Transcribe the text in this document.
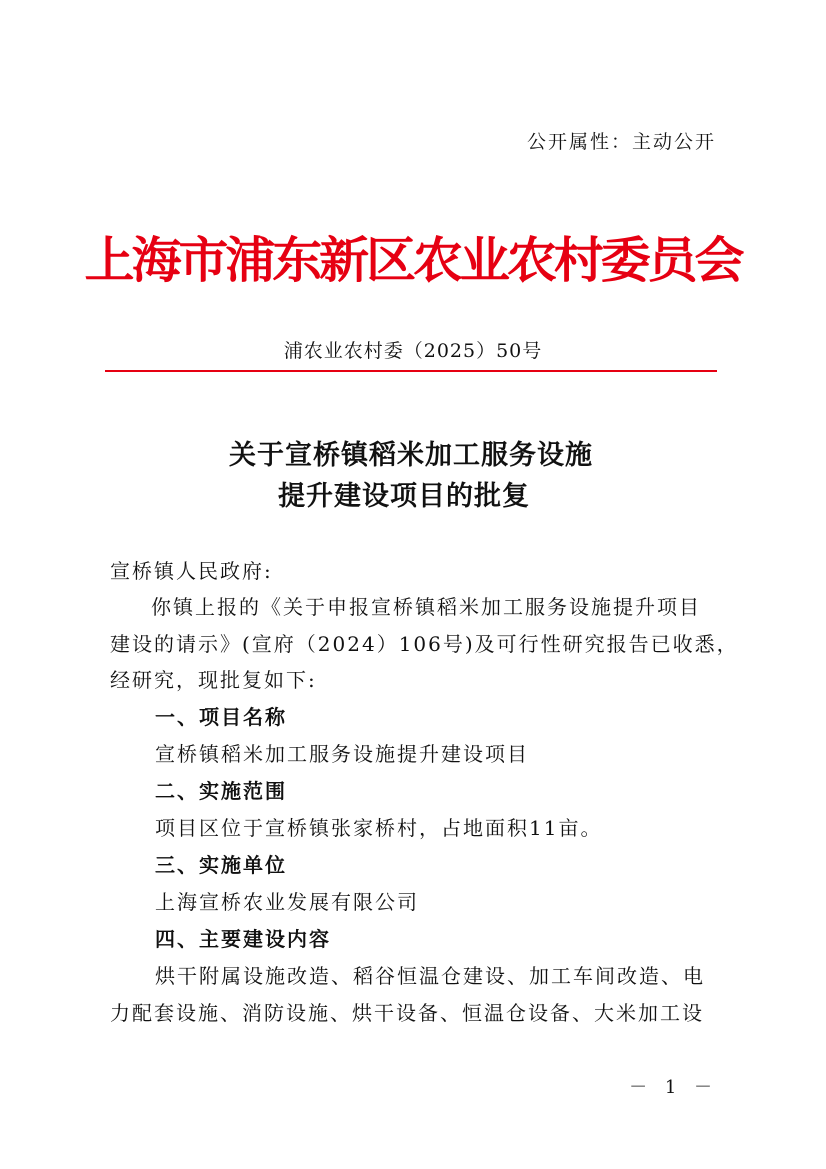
公开属性：主动公开
上海市浦东新区农业农村委员会
浦农业农村委（2025）50号
关于宣桥镇稻米加工服务设施
提升建设项目的批复
宣桥镇人民政府:
你镇上报的《关于申报宣桥镇稻米加工服务设施提升项目
建设的请示》(宣府（2024）106号)及可行性研究报告已收悉，
经研究，现批复如下:
一、项目名称
宣桥镇稻米加工服务设施提升建设项目
二、实施范围
项目区位于宣桥镇张家桥村，占地面积11亩。
三、实施单位
上海宣桥农业发展有限公司
四、主要建设内容
烘干附属设施改造、稻谷恒温仓建设、加工车间改造、电
力配套设施、消防设施、烘干设备、恒温仓设备、大米加工设
－ 1 －
